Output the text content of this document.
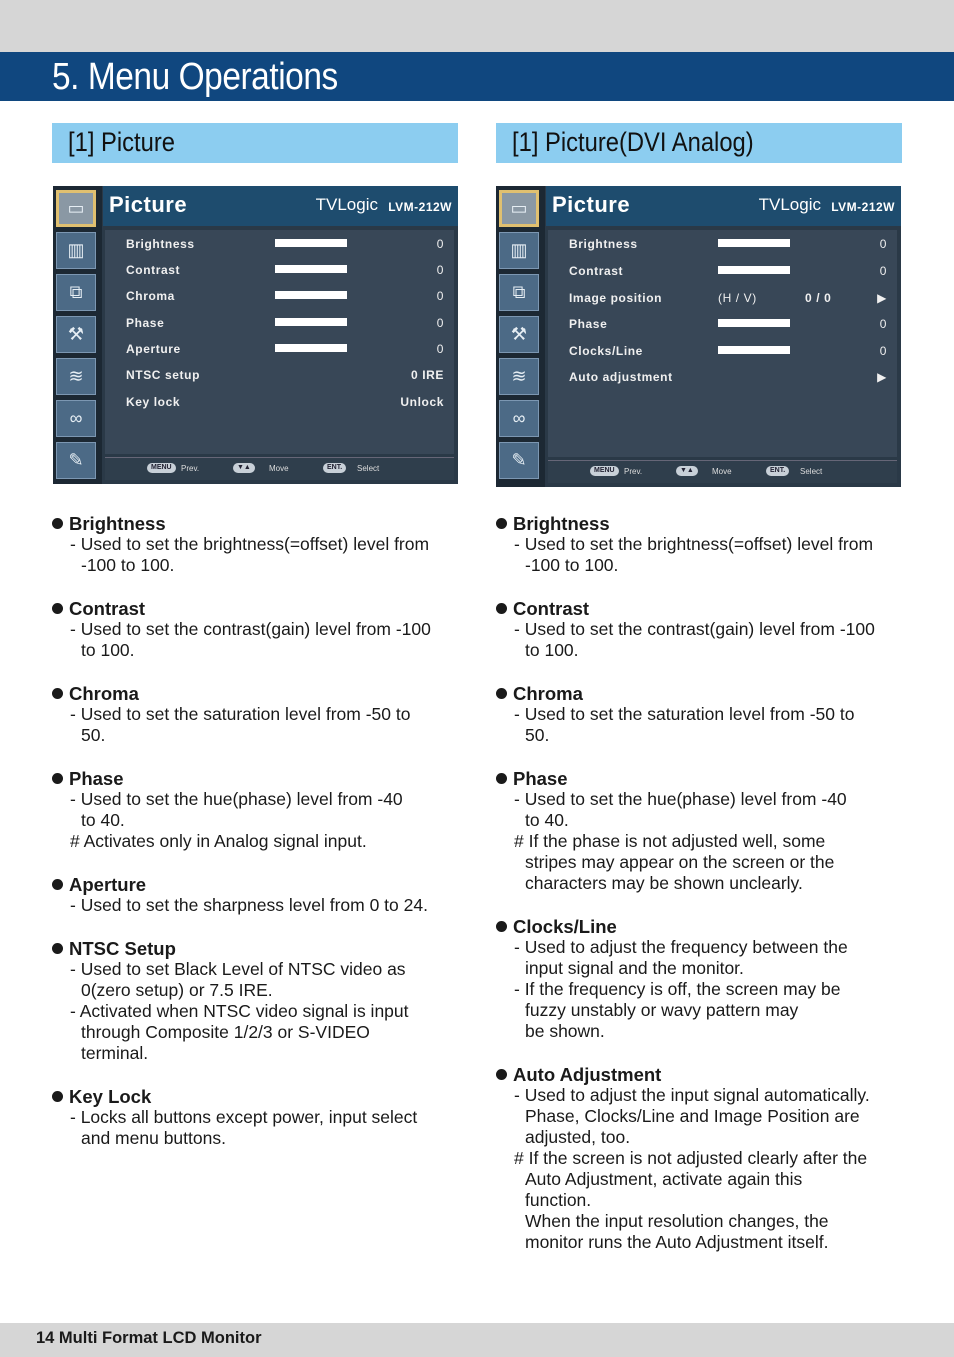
5. Menu Operations
[1] Picture	[1] Picture(DVI Analog)
▭
▥
⧉
⚒
≋
∞
✎
Picture	TVLogic LVM-212W
Brightness	0
Contrast	0
Chroma	0
Phase	0
Aperture	0
NTSC setup	0 IRE
Key lock	Unlock
MENU	Prev.	▼▲	Move	ENT.	Select
▭
▥
⧉
⚒
≋
∞
✎
Picture	TVLogic LVM-212W
Brightness	0
Contrast	0
Image position	(H / V)	0 / 0	▶
Phase	0
Clocks/Line	0
Auto adjustment	▶
MENU	Prev.	▼▲	Move	ENT.	Select
Brightness
- Used to set the brightness(=offset) level from
-100 to 100.
Contrast
- Used to set the contrast(gain) level from -100
to 100.
Chroma
- Used to set the saturation level from -50 to
50.
Phase
- Used to set the hue(phase) level from -40
to 40.
# Activates only in Analog signal input.
Aperture
- Used to set the sharpness level from 0 to 24.
NTSC Setup
- Used to set Black Level of NTSC video as
0(zero setup) or 7.5 IRE.
- Activated when NTSC video signal is input
through Composite 1/2/3 or S-VIDEO
terminal.
Key Lock
- Locks all buttons except power, input select
and menu buttons.
Brightness
- Used to set the brightness(=offset) level from
-100 to 100.
Contrast
- Used to set the contrast(gain) level from -100
to 100.
Chroma
- Used to set the saturation level from -50 to
50.
Phase
- Used to set the hue(phase) level from -40
to 40.
# If the phase is not adjusted well, some
stripes may appear on the screen or the
characters may be shown unclearly.
Clocks/Line
- Used to adjust the frequency between the
input signal and the monitor.
- If the frequency is off, the screen may be
fuzzy unstably or wavy pattern may
be shown.
Auto Adjustment
- Used to adjust the input signal automatically.
Phase, Clocks/Line and Image Position are
adjusted, too.
# If the screen is not adjusted clearly after the
Auto Adjustment, activate again this
function.
When the input resolution changes, the
monitor runs the Auto Adjustment itself.
14 Multi Format LCD Monitor
